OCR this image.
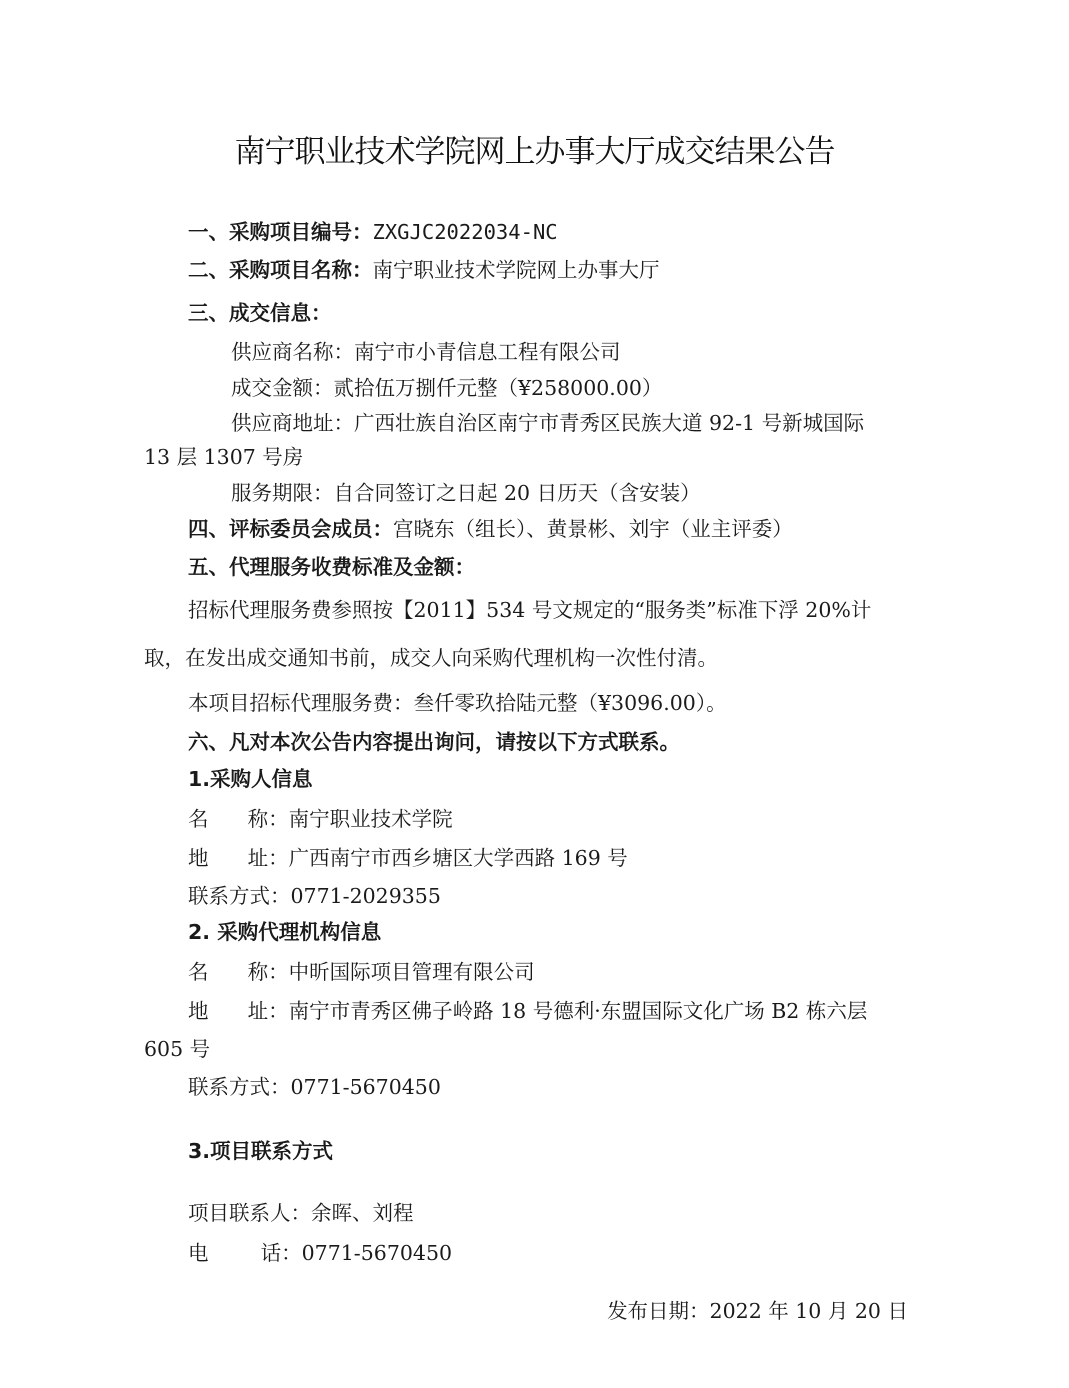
南宁职业技术学院网上办事大厅成交结果公告
一、采购项目编号：ZXGJC2022034-NC
二、采购项目名称：南宁职业技术学院网上办事大厅
三、成交信息：
供应商名称：南宁市小青信息工程有限公司
成交金额：贰拾伍万捌仟元整（¥258000.00）
供应商地址：广西壮族自治区南宁市青秀区民族大道 92-1 号新城国际
13 层 1307 号房
服务期限：自合同签订之日起 20 日历天（含安装）
四、评标委员会成员：宫晓东（组长）、黄景彬、刘宇（业主评委）
五、代理服务收费标准及金额：
招标代理服务费参照按【2011】534 号文规定的“服务类”标准下浮 20%计
取，在发出成交通知书前，成交人向采购代理机构一次性付清。
本项目招标代理服务费：叁仟零玖拾陆元整（¥3096.00）。
六、凡对本次公告内容提出询问，请按以下方式联系。
1.采购人信息
名      称：南宁职业技术学院
地      址：广西南宁市西乡塘区大学西路 169 号
联系方式：0771-2029355
2. 采购代理机构信息
名      称：中昕国际项目管理有限公司
地      址：南宁市青秀区佛子岭路 18 号德利·东盟国际文化广场 B2 栋六层
605 号
联系方式：0771-5670450
3.项目联系方式
项目联系人：余晖、刘程
电        话：0771-5670450
发布日期：2022 年 10 月 20 日
